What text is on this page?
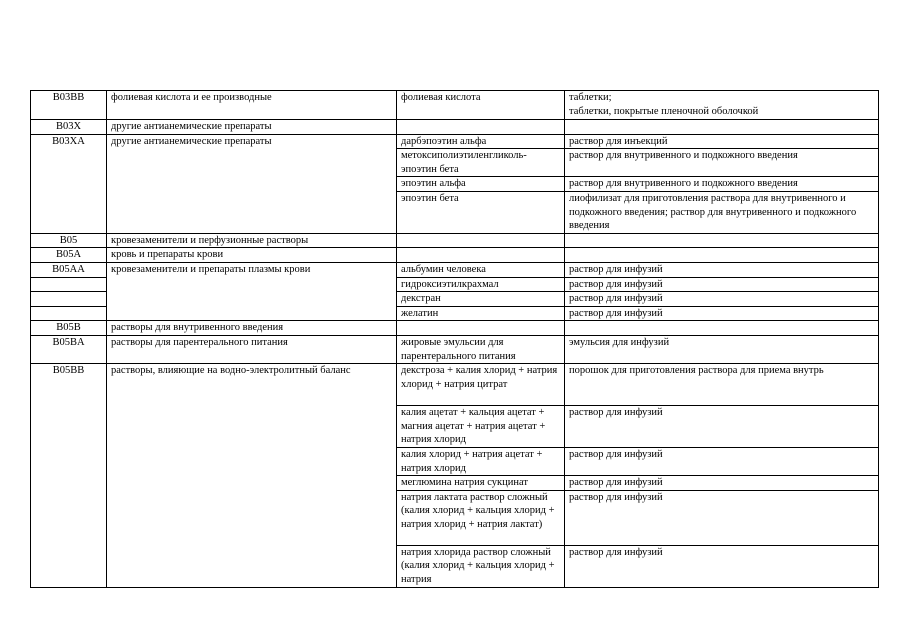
B03BB	фолиевая кислота и ее производные	фолиевая кислота	таблетки;
таблетки, покрытые пленочной оболочкой

B03X	другие антианемические препараты		
B03XA	другие антианемические препараты	дарбэпоэтин альфа	раствор для инъекций
		метоксиполиэтиленгликоль-эпоэтин бета	раствор для внутривенного и подкожного введения
		эпоэтин альфа	раствор для внутривенного и подкожного введения
		эпоэтин бета	лиофилизат для приготовления раствора для внутривенного и подкожного введения; раствор для внутривенного и подкожного введения
B05	кровезаменители и перфузионные растворы		
B05A	кровь и препараты крови		
B05AA	кровезаменители и препараты плазмы крови	альбумин человека	раствор для инфузий
		гидроксиэтилкрахмал	раствор для инфузий
		декстран	раствор для инфузий
		желатин	раствор для инфузий
B05B	растворы для внутривенного введения		
B05BA	растворы для парентерального питания	жировые эмульсии для парентерального питания	эмульсия для инфузий
B05BB	растворы, влияющие на водно-электролитный баланс	декстроза + калия хлорид + натрия хлорид + натрия цитрат	порошок для приготовления раствора для приема внутрь
		калия ацетат + кальция ацетат + магния ацетат + натрия ацетат + натрия хлорид	раствор для инфузий
		калия хлорид + натрия ацетат + натрия хлорид	раствор для инфузий
		меглюмина натрия сукцинат	раствор для инфузий
		натрия лактата раствор сложный (калия хлорид + кальция хлорид + натрия хлорид + натрия лактат)	раствор для инфузий
		натрия хлорида раствор сложный (калия хлорид + кальция хлорид + натрия	раствор для инфузий
